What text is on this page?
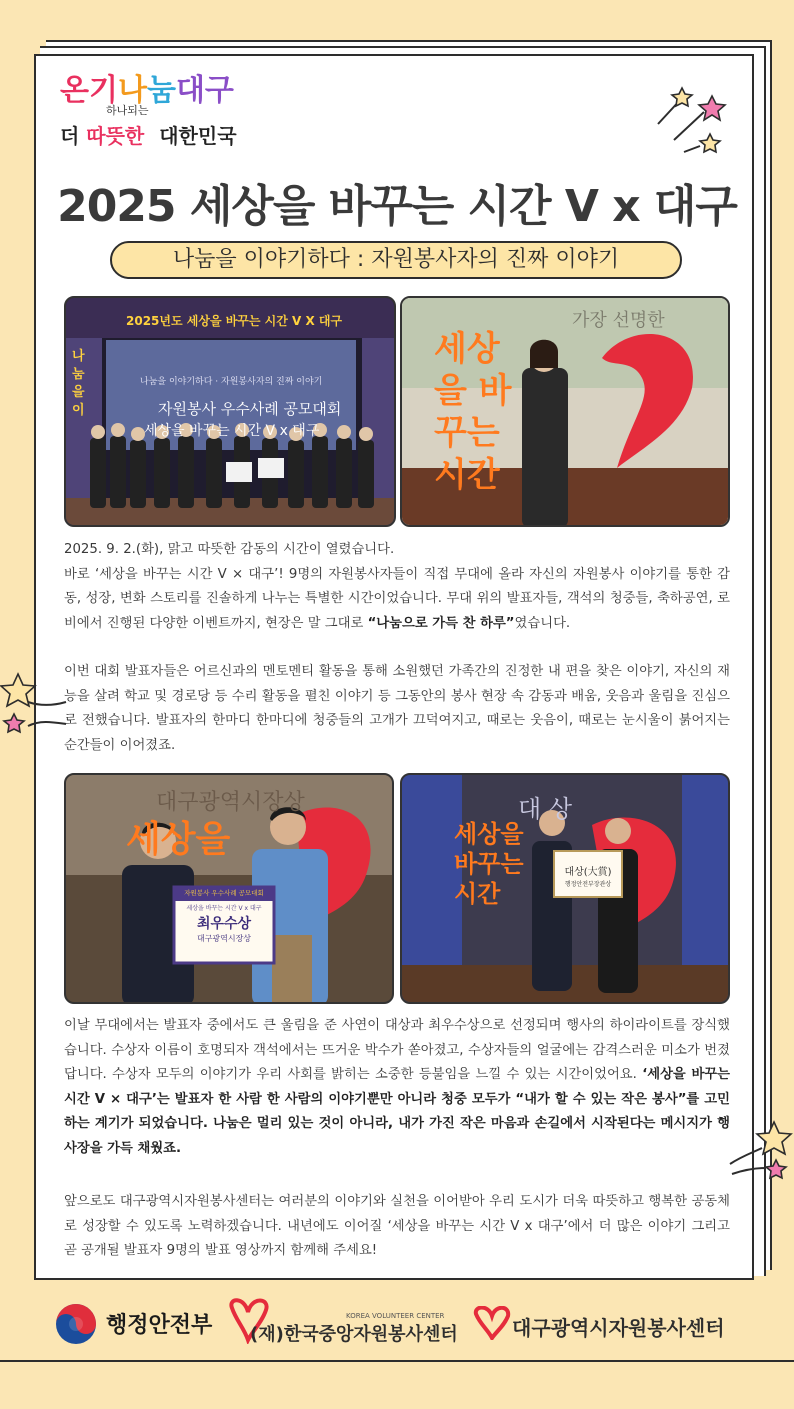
온기나눔대구
하나되는
더 따뜻한 대한민국
2025 세상을 바꾸는 시간 V x 대구
나눔을 이야기하다 : 자원봉사자의 진짜 이야기
2025년도 세상을 바꾸는 시간 V X 대구
나눔을 이야기하다 · 자원봉사자의 진짜 이야기
자원봉사 우수사례 공모대회
세상을 바꾸는 시간 V x 대구
나눔을이
세상을 바꾸는 시간
가장 선명한

2025. 9. 2.(화), 맑고 따뜻한 감동의 시간이 열렸습니다.
바로 ‘세상을 바꾸는 시간 V × 대구’! 9명의 자원봉사자들이 직접 무대에 올라 자신의 자원봉사 이야기를 통한 감동, 성장, 변화 스토리를 진솔하게 나누는 특별한 시간이었습니다. 무대 위의 발표자들, 객석의 청중들, 축하공연, 로비에서 진행된 다양한 이벤트까지, 현장은 말 그대로 “나눔으로 가득 찬 하루”였습니다.

이번 대회 발표자들은 어르신과의 멘토멘티 활동을 통해 소원했던 가족간의 진정한 내 편을 찾은 이야기, 자신의 재능을 살려 학교 및 경로당 등 수리 활동을 펼친 이야기 등 그동안의 봉사 현장 속 감동과 배움, 웃음과 울림을 진심으로 전했습니다. 발표자의 한마디 한마디에 청중들의 고개가 끄덕여지고, 때로는 웃음이, 때로는 눈시울이 붉어지는 순간들이 이어졌죠.

대구광역시장상
세상을
자원봉사 우수사례 공모대회
세상을 바꾸는 시간 V x 대구
최우수상
대구광역시장상
대 상
세상을 바꾸는 시간
대상(大賞)
행정안전부장관상

이날 무대에서는 발표자 중에서도 큰 울림을 준 사연이 대상과 최우수상으로 선정되며 행사의 하이라이트를 장식했습니다. 수상자 이름이 호명되자 객석에서는 뜨거운 박수가 쏟아졌고, 수상자들의 얼굴에는 감격스러운 미소가 번졌답니다. 수상자 모두의 이야기가 우리 사회를 밝히는 소중한 등불임을 느낄 수 있는 시간이었어요. ‘세상을 바꾸는 시간 V × 대구’는 발표자 한 사람 한 사람의 이야기뿐만 아니라 청중 모두가 “내가 할 수 있는 작은 봉사”를 고민하는 계기가 되었습니다. 나눔은 멀리 있는 것이 아니라, 내가 가진 작은 마음과 손길에서 시작된다는 메시지가 행사장을 가득 채웠죠.

앞으로도 대구광역시자원봉사센터는 여러분의 이야기와 실천을 이어받아 우리 도시가 더욱 따뜻하고 행복한 공동체로 성장할 수 있도록 노력하겠습니다. 내년에도 이어질 ‘세상을 바꾸는 시간 V x 대구’에서 더 많은 이야기 그리고 곧 공개될 발표자 9명의 발표 영상까지 함께해 주세요!

행정안전부	KOREA VOLUNTEER CENTER
(재)한국중앙자원봉사센터	대구광역시자원봉사센터
